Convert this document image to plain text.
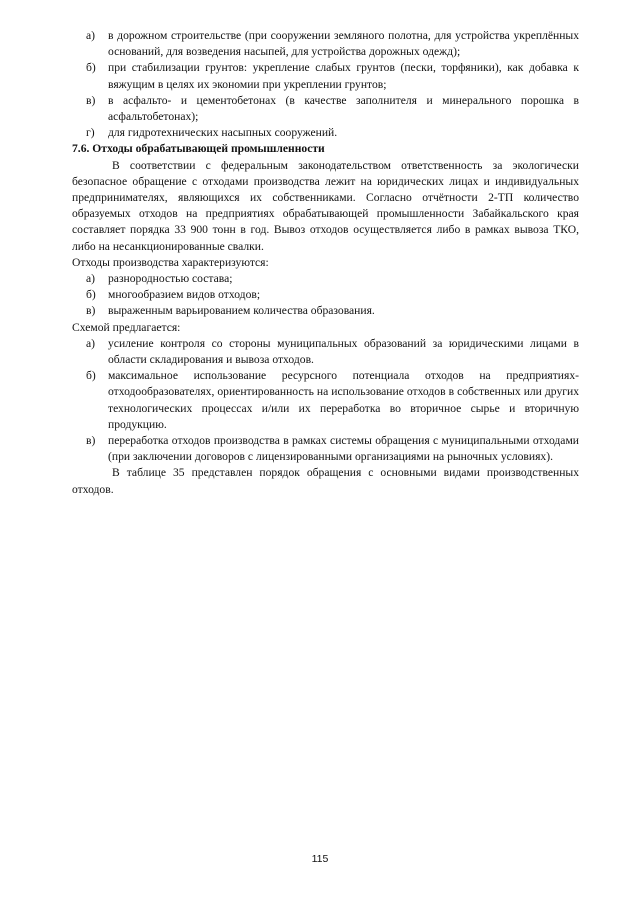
а)	в дорожном строительстве (при сооружении земляного полотна, для устройства укреплённых оснований, для возведения насыпей, для устройства дорожных одежд);
б)	при стабилизации грунтов: укрепление слабых грунтов (пески, торфяники), как добавка к вяжущим в целях их экономии при укреплении грунтов;
в)	в асфальто- и цементобетонах (в качестве заполнителя и минерального порошка в асфальтобетонах);
г)	для гидротехнических насыпных сооружений.

7.6. Отходы обрабатывающей промышленности

В соответствии с федеральным законодательством ответственность за экологически безопасное обращение с отходами производства лежит на юридических лицах и индивидуальных предпринимателях, являющихся их собственниками. Согласно отчётности 2-ТП количество образуемых отходов на предприятиях обрабатывающей промышленности Забайкальского края составляет порядка 33 900 тонн в год. Вывоз отходов осуществляется либо в рамках вывоза ТКО, либо на несанкционированные свалки.

Отходы производства характеризуются:

а)	разнородностью состава;
б)	многообразием видов отходов;
в)	выраженным варьированием количества образования.

Схемой предлагается:

а)	усиление контроля со стороны муниципальных образований за юридическими лицами в области складирования и вывоза отходов.
б)	максимальное использование ресурсного потенциала отходов на предприятиях-отходообразователях, ориентированность на использование отходов в собственных или других технологических процессах и/или их переработка во вторичное сырье и вторичную продукцию.
в)	переработка отходов производства в рамках системы обращения с муниципальными отходами (при заключении договоров с лицензированными организациями на рыночных условиях).

В таблице 35 представлен порядок обращения с основными видами производственных отходов.

115
